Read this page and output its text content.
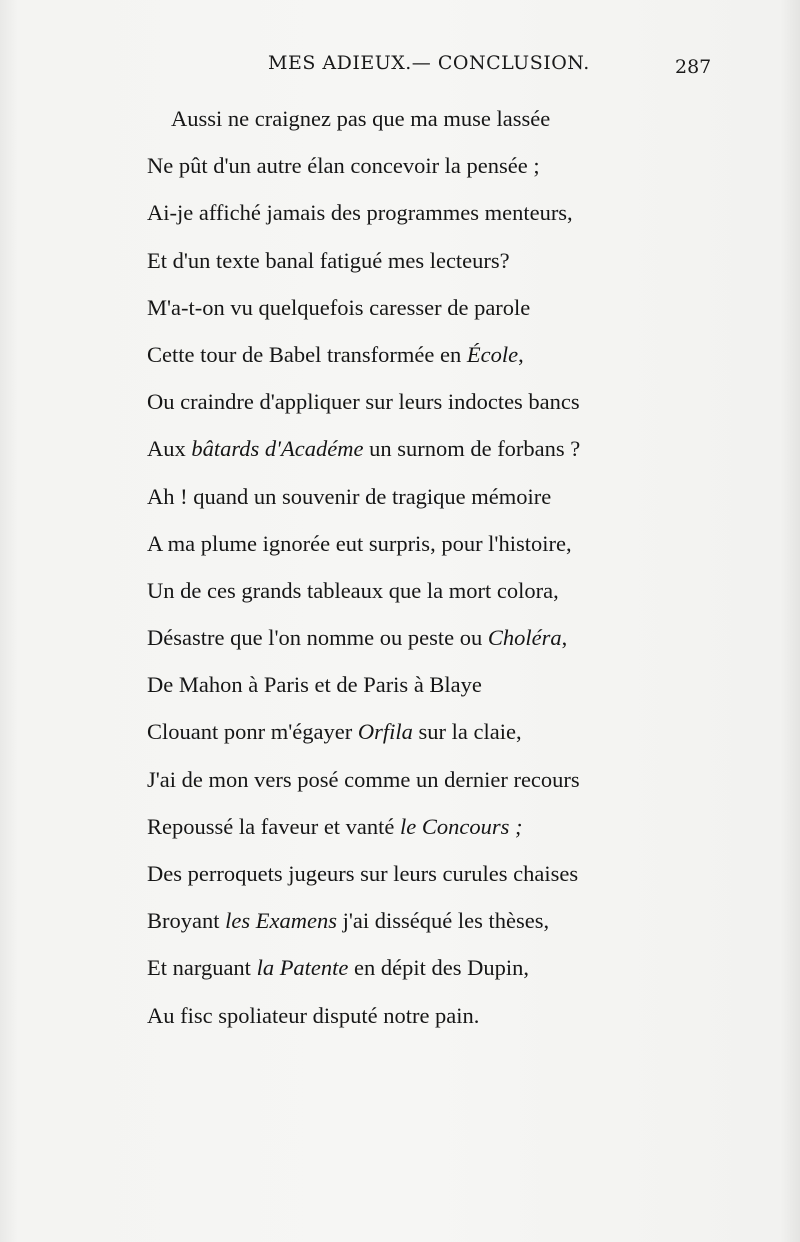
MES ADIEUX.— CONCLUSION.	287
Aussi ne craignez pas que ma muse lassée
Ne pût d'un autre élan concevoir la pensée ;
Ai-je affiché jamais des programmes menteurs,
Et d'un texte banal fatigué mes lecteurs?
M'a-t-on vu quelquefois caresser de parole
Cette tour de Babel transformée en École,
Ou craindre d'appliquer sur leurs indoctes bancs
Aux bâtards d'Académe un surnom de forbans ?
Ah ! quand un souvenir de tragique mémoire
A ma plume ignorée eut surpris, pour l'histoire,
Un de ces grands tableaux que la mort colora,
Désastre que l'on nomme ou peste ou Choléra,
De Mahon à Paris et de Paris à Blaye
Clouant ponr m'égayer Orfila sur la claie,
J'ai de mon vers posé comme un dernier recours
Repoussé la faveur et vanté le Concours ;
Des perroquets jugeurs sur leurs curules chaises
Broyant les Examens j'ai disséqué les thèses,
Et narguant la Patente en dépit des Dupin,
Au fisc spoliateur disputé notre pain.
